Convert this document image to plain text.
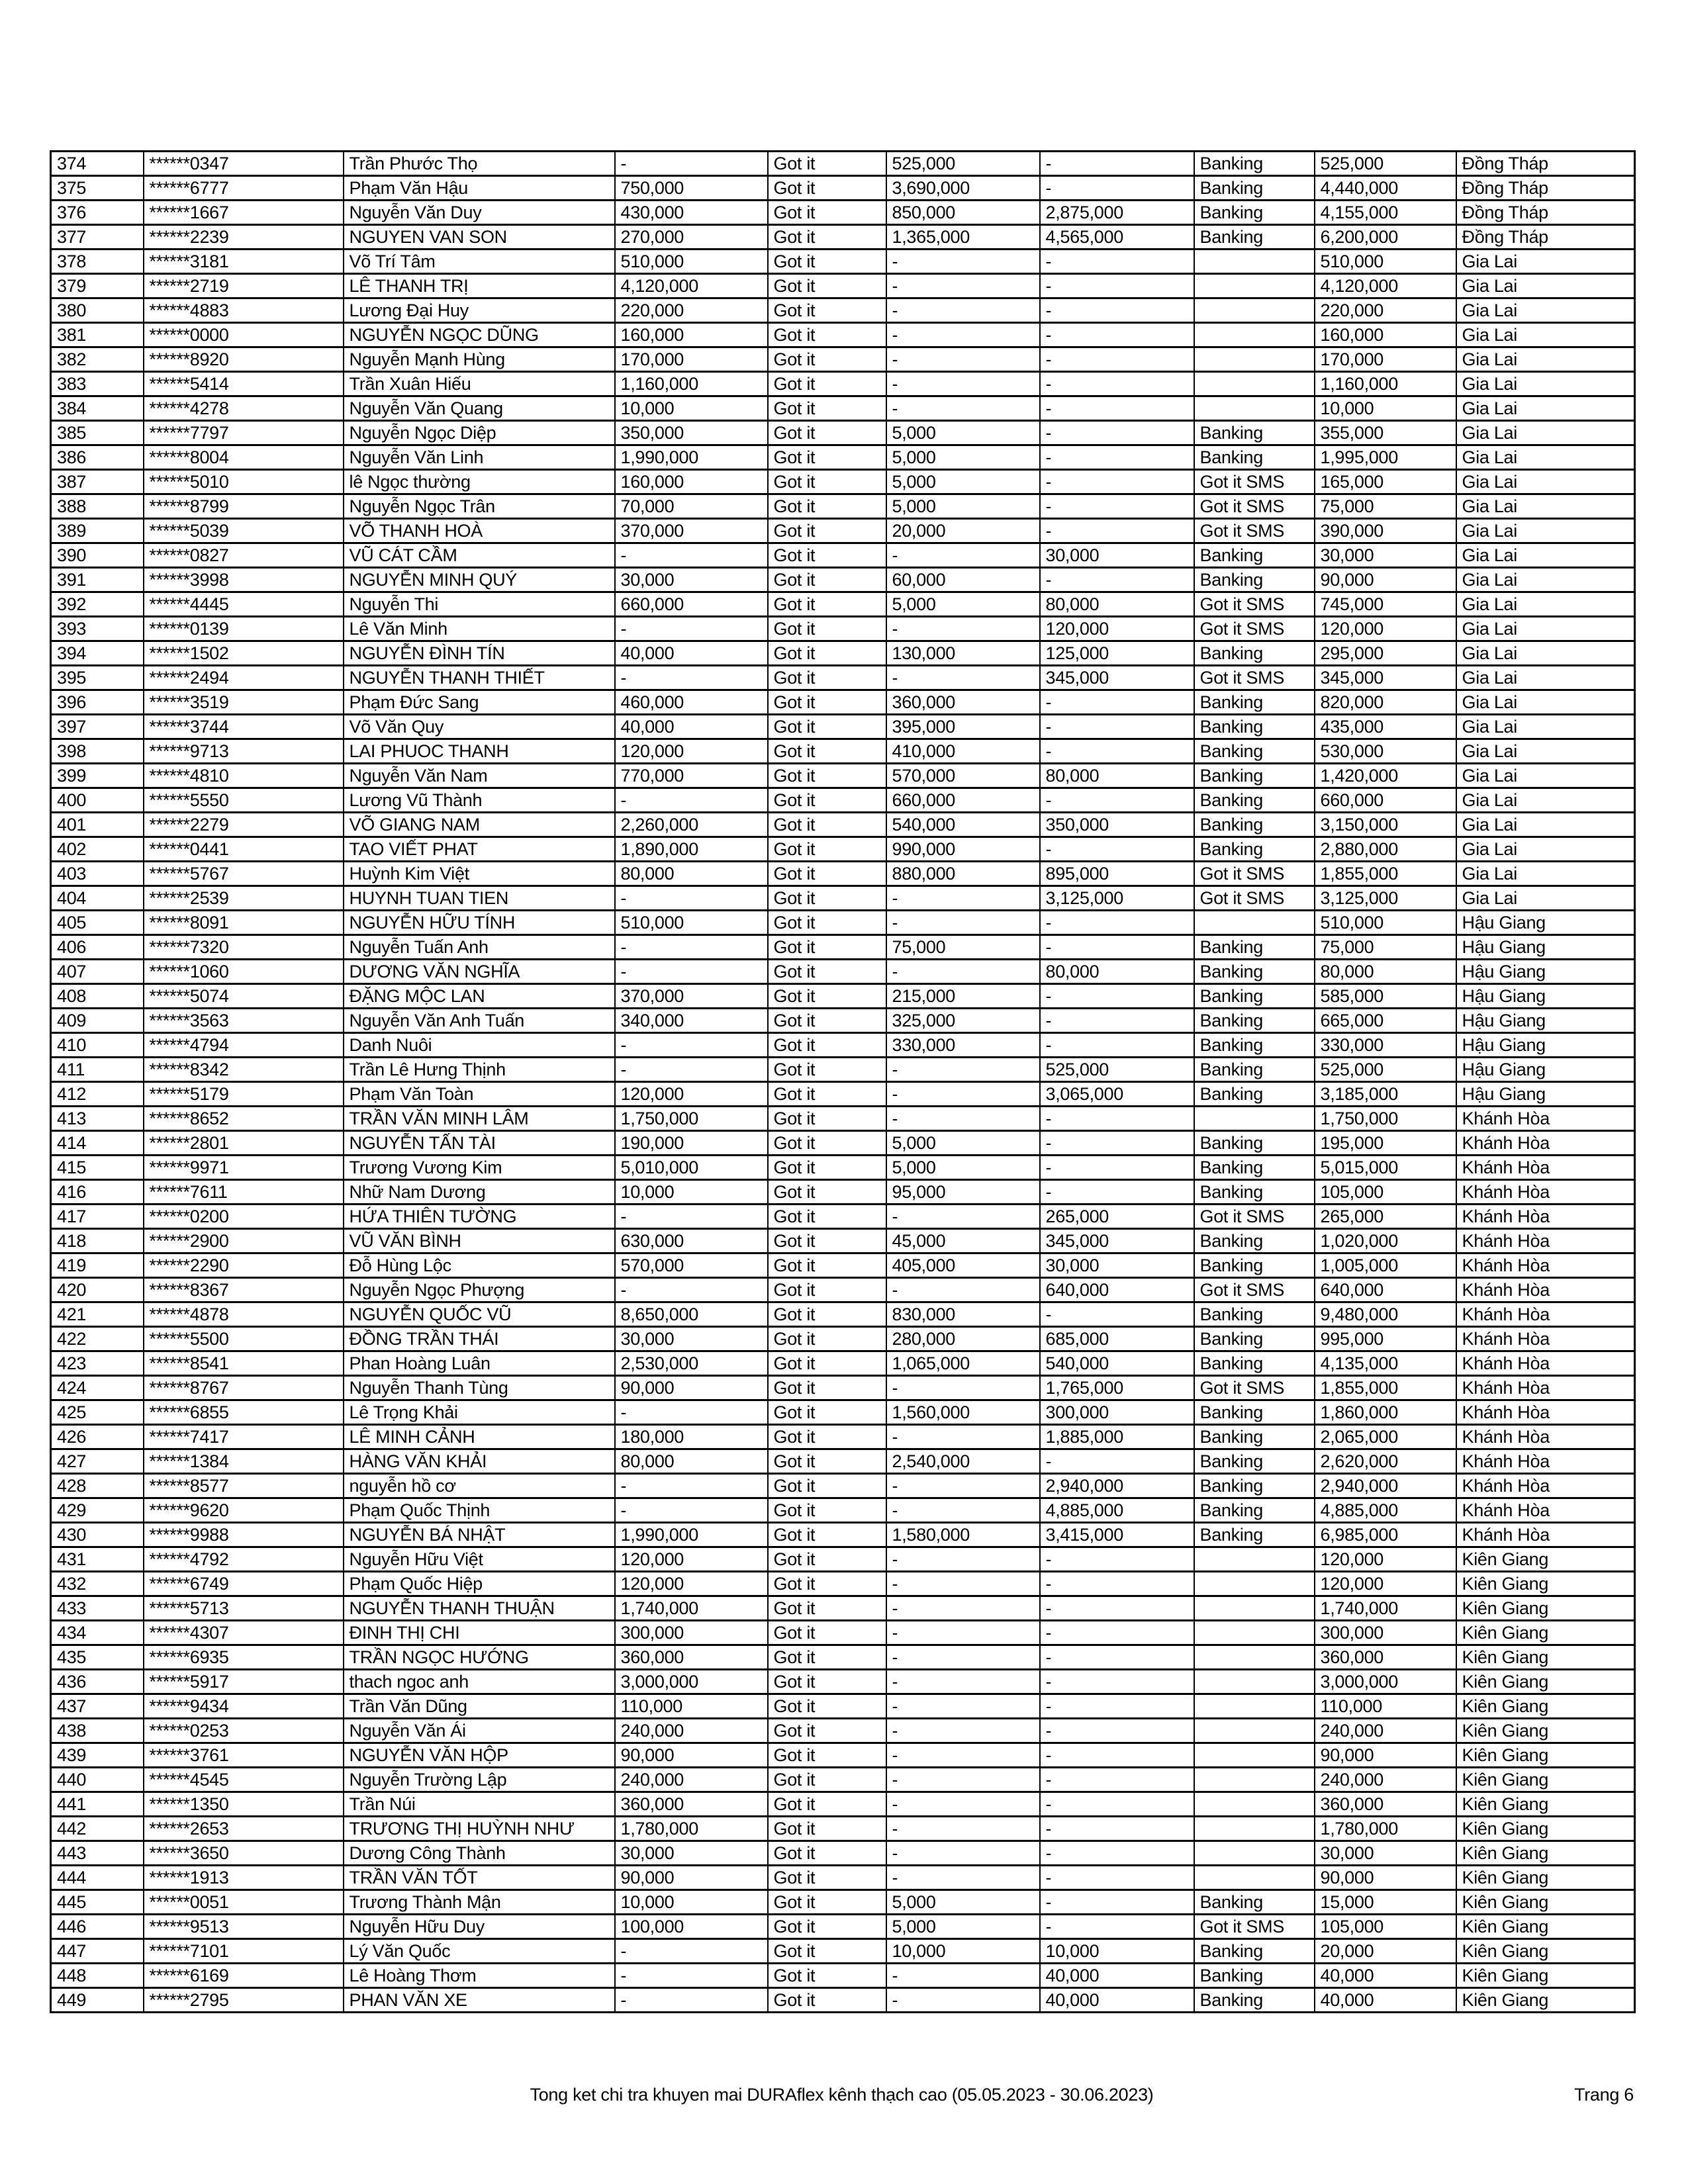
374	******0347	Trần Phước Thọ	-	Got it	525,000	-	Banking	525,000	Đồng Tháp
375	******6777	Phạm Văn Hậu	750,000	Got it	3,690,000	-	Banking	4,440,000	Đồng Tháp
376	******1667	Nguyễn Văn Duy	430,000	Got it	850,000	2,875,000	Banking	4,155,000	Đồng Tháp
377	******2239	NGUYEN VAN SON	270,000	Got it	1,365,000	4,565,000	Banking	6,200,000	Đồng Tháp
378	******3181	Võ Trí Tâm	510,000	Got it	-	-		510,000	Gia Lai
379	******2719	LÊ THANH TRỊ	4,120,000	Got it	-	-		4,120,000	Gia Lai
380	******4883	Lương Đại Huy	220,000	Got it	-	-		220,000	Gia Lai
381	******0000	NGUYỄN NGỌC DŨNG	160,000	Got it	-	-		160,000	Gia Lai
382	******8920	Nguyễn Mạnh Hùng	170,000	Got it	-	-		170,000	Gia Lai
383	******5414	Trần Xuân Hiếu	1,160,000	Got it	-	-		1,160,000	Gia Lai
384	******4278	Nguyễn Văn Quang	10,000	Got it	-	-		10,000	Gia Lai
385	******7797	Nguyễn Ngọc Diệp	350,000	Got it	5,000	-	Banking	355,000	Gia Lai
386	******8004	Nguyễn Văn Linh	1,990,000	Got it	5,000	-	Banking	1,995,000	Gia Lai
387	******5010	lê Ngọc thường	160,000	Got it	5,000	-	Got it SMS	165,000	Gia Lai
388	******8799	Nguyễn Ngọc Trân	70,000	Got it	5,000	-	Got it SMS	75,000	Gia Lai
389	******5039	VÕ THANH HOÀ	370,000	Got it	20,000	-	Got it SMS	390,000	Gia Lai
390	******0827	VŨ CÁT CẦM	-	Got it	-	30,000	Banking	30,000	Gia Lai
391	******3998	NGUYỄN MINH QUÝ	30,000	Got it	60,000	-	Banking	90,000	Gia Lai
392	******4445	Nguyễn Thi	660,000	Got it	5,000	80,000	Got it SMS	745,000	Gia Lai
393	******0139	Lê Văn Minh	-	Got it	-	120,000	Got it SMS	120,000	Gia Lai
394	******1502	NGUYỄN ĐÌNH TÍN	40,000	Got it	130,000	125,000	Banking	295,000	Gia Lai
395	******2494	NGUYỄN THANH THIẾT	-	Got it	-	345,000	Got it SMS	345,000	Gia Lai
396	******3519	Phạm Đức Sang	460,000	Got it	360,000	-	Banking	820,000	Gia Lai
397	******3744	Võ Văn Quy	40,000	Got it	395,000	-	Banking	435,000	Gia Lai
398	******9713	LAI PHUOC THANH	120,000	Got it	410,000	-	Banking	530,000	Gia Lai
399	******4810	Nguyễn Văn Nam	770,000	Got it	570,000	80,000	Banking	1,420,000	Gia Lai
400	******5550	Lương Vũ Thành	-	Got it	660,000	-	Banking	660,000	Gia Lai
401	******2279	VÕ GIANG NAM	2,260,000	Got it	540,000	350,000	Banking	3,150,000	Gia Lai
402	******0441	TAO VIẾT PHAT	1,890,000	Got it	990,000	-	Banking	2,880,000	Gia Lai
403	******5767	Huỳnh Kim Việt	80,000	Got it	880,000	895,000	Got it SMS	1,855,000	Gia Lai
404	******2539	HUYNH TUAN TIEN	-	Got it	-	3,125,000	Got it SMS	3,125,000	Gia Lai
405	******8091	NGUYỄN HỮU TÍNH	510,000	Got it	-	-		510,000	Hậu Giang
406	******7320	Nguyễn Tuấn Anh	-	Got it	75,000	-	Banking	75,000	Hậu Giang
407	******1060	DƯƠNG VĂN NGHĨA	-	Got it	-	80,000	Banking	80,000	Hậu Giang
408	******5074	ĐẶNG MỘC LAN	370,000	Got it	215,000	-	Banking	585,000	Hậu Giang
409	******3563	Nguyễn Văn Anh Tuấn	340,000	Got it	325,000	-	Banking	665,000	Hậu Giang
410	******4794	Danh Nuôi	-	Got it	330,000	-	Banking	330,000	Hậu Giang
411	******8342	Trần Lê Hưng Thịnh	-	Got it	-	525,000	Banking	525,000	Hậu Giang
412	******5179	Phạm Văn Toàn	120,000	Got it	-	3,065,000	Banking	3,185,000	Hậu Giang
413	******8652	TRẦN VĂN MINH LÂM	1,750,000	Got it	-	-		1,750,000	Khánh Hòa
414	******2801	NGUYỄN TẤN TÀI	190,000	Got it	5,000	-	Banking	195,000	Khánh Hòa
415	******9971	Trương Vương Kim	5,010,000	Got it	5,000	-	Banking	5,015,000	Khánh Hòa
416	******7611	Nhữ Nam Dương	10,000	Got it	95,000	-	Banking	105,000	Khánh Hòa
417	******0200	HỨA THIÊN TƯỜNG	-	Got it	-	265,000	Got it SMS	265,000	Khánh Hòa
418	******2900	VŨ VĂN BÌNH	630,000	Got it	45,000	345,000	Banking	1,020,000	Khánh Hòa
419	******2290	Đỗ Hùng Lộc	570,000	Got it	405,000	30,000	Banking	1,005,000	Khánh Hòa
420	******8367	Nguyễn Ngọc Phượng	-	Got it	-	640,000	Got it SMS	640,000	Khánh Hòa
421	******4878	NGUYỄN QUỐC VŨ	8,650,000	Got it	830,000	-	Banking	9,480,000	Khánh Hòa
422	******5500	ĐỒNG TRẦN THÁI	30,000	Got it	280,000	685,000	Banking	995,000	Khánh Hòa
423	******8541	Phan Hoàng Luân	2,530,000	Got it	1,065,000	540,000	Banking	4,135,000	Khánh Hòa
424	******8767	Nguyễn Thanh Tùng	90,000	Got it	-	1,765,000	Got it SMS	1,855,000	Khánh Hòa
425	******6855	Lê Trọng Khải	-	Got it	1,560,000	300,000	Banking	1,860,000	Khánh Hòa
426	******7417	LÊ MINH CẢNH	180,000	Got it	-	1,885,000	Banking	2,065,000	Khánh Hòa
427	******1384	HÀNG VĂN KHẢI	80,000	Got it	2,540,000	-	Banking	2,620,000	Khánh Hòa
428	******8577	nguyễn hồ cơ	-	Got it	-	2,940,000	Banking	2,940,000	Khánh Hòa
429	******9620	Phạm Quốc Thịnh	-	Got it	-	4,885,000	Banking	4,885,000	Khánh Hòa
430	******9988	NGUYỄN BÁ NHẬT	1,990,000	Got it	1,580,000	3,415,000	Banking	6,985,000	Khánh Hòa
431	******4792	Nguyễn Hữu Việt	120,000	Got it	-	-		120,000	Kiên Giang
432	******6749	Phạm Quốc Hiệp	120,000	Got it	-	-		120,000	Kiên Giang
433	******5713	NGUYỄN THANH THUẬN	1,740,000	Got it	-	-		1,740,000	Kiên Giang
434	******4307	ĐINH THỊ CHI	300,000	Got it	-	-		300,000	Kiên Giang
435	******6935	TRẦN NGỌC HƯỚNG	360,000	Got it	-	-		360,000	Kiên Giang
436	******5917	thach ngoc anh	3,000,000	Got it	-	-		3,000,000	Kiên Giang
437	******9434	Trần Văn Dũng	110,000	Got it	-	-		110,000	Kiên Giang
438	******0253	Nguyễn Văn Ái	240,000	Got it	-	-		240,000	Kiên Giang
439	******3761	NGUYỄN VĂN HỘP	90,000	Got it	-	-		90,000	Kiên Giang
440	******4545	Nguyễn Trường Lập	240,000	Got it	-	-		240,000	Kiên Giang
441	******1350	Trần Núi	360,000	Got it	-	-		360,000	Kiên Giang
442	******2653	TRƯƠNG THỊ HUỲNH NHƯ	1,780,000	Got it	-	-		1,780,000	Kiên Giang
443	******3650	Dương Công Thành	30,000	Got it	-	-		30,000	Kiên Giang
444	******1913	TRẦN VĂN TỐT	90,000	Got it	-	-		90,000	Kiên Giang
445	******0051	Trương Thành Mận	10,000	Got it	5,000	-	Banking	15,000	Kiên Giang
446	******9513	Nguyễn Hữu Duy	100,000	Got it	5,000	-	Got it SMS	105,000	Kiên Giang
447	******7101	Lý Văn Quốc	-	Got it	10,000	10,000	Banking	20,000	Kiên Giang
448	******6169	Lê Hoàng Thơm	-	Got it	-	40,000	Banking	40,000	Kiên Giang
449	******2795	PHAN VĂN XE	-	Got it	-	40,000	Banking	40,000	Kiên Giang
Tong ket chi tra khuyen mai DURAflex kênh thạch cao (05.05.2023 - 30.06.2023)	Trang 6
